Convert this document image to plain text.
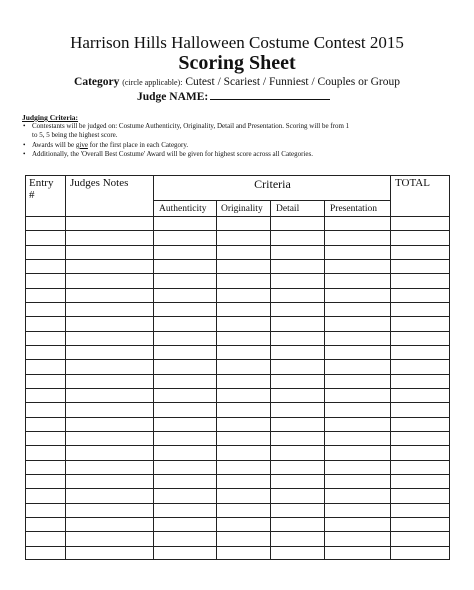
Harrison Hills Halloween Costume Contest 2015
Scoring Sheet
Category (circle applicable): Cutest / Scariest / Funniest / Couples or Group
Judge NAME:
Judging Criteria:
• Contestants will be judged on: Costume Authenticity, Originality, Detail and Presentation. Scoring will be from 1
to 5, 5 being the highest score.
• Awards will be give for the first place in each Category.
• Additionally, the 'Overall Best Costume' Award will be given for highest score across all Categories.
Entry
#
Judges Notes	Criteria	TOTAL
Authenticity Originality Detail	Presentation
